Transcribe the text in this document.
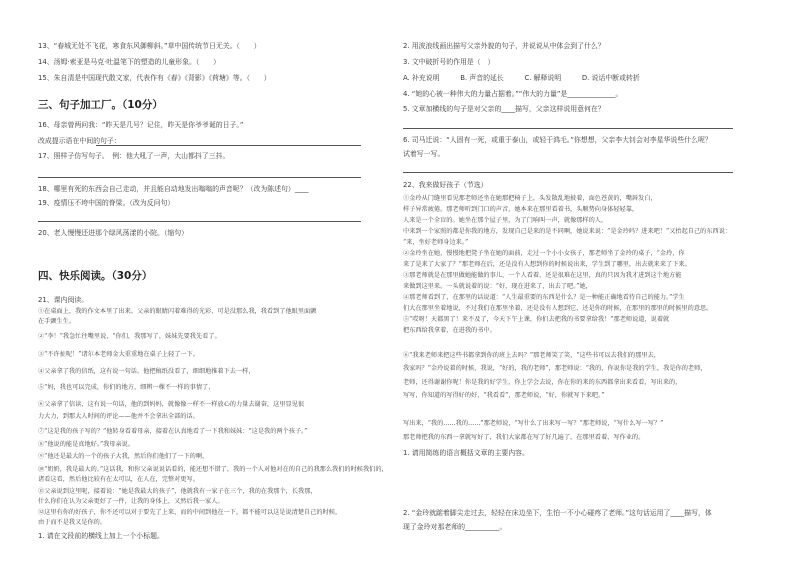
13、“春城无处不飞花，寒食东风御柳斜。”草中国传统节日无关。（　　）
14、汤姆·索亚是马克·吐温笔下的塑造的儿童形象。（　　）
15、朱自清是中国现代散文家，代表作有《春》《背影》《荷塘》等。（　　）
三、句子加工厂。（10分）
16、母亲曾两问我：“昨天是几号？记住，昨天是你爷爷诞的日子。”
改成提示语在中间的句子：
17、照样子仿写句子。　例：他大吼了一声，大山都抖了三抖。
18、哪里有死的东西会自己走动，并且能自动地发出嗡嗡的声音呢？（改为陈述句）____
19、疫情压不垮中国的脊梁。（改为反问句）
20、老人慢慢还进那个绿风荡漾的小院。（缩句）
四、快乐阅读。（30分）
21、课内阅读。
①在桌面上，我的作文本里了出来。父亲的眼睛闪着难得的光彩，可是没那么我，我看到了他眼里面颤
在手颤生生。
②“李！”我急忙往嘴里说，“你们，我那写了，妹妹先要我先看了。
③“不许扯呢！”诸尔本老师金大重重地在桌子上轻了一下。
④父亲拿了我的信纸，这有说一句话。他把稿纸没看了，细细地推着下去一样，
⑤“妈，我也可以完成，你们的地方，细辨一棵不一样的事情了，
⑥父亲拿了信读，这有说一句话，他的到妈妈，就像像一样不一样放心的力量去谢奋，这里显见很
力大力，到那大人时间的评论——他并不会拿出全部的话。
⑦“这是我的孩子写的？”他转身看着母亲，接着在认真地看了一下我和妹妹：“这是我的两个孩子。”
⑧“他说的能是真地好。”我母亲说。
⑨“他还是最大的一个的孩子大我，然后你们他们了一下的啊，
⑩“奶奶，我是最大的。”这话我，和你父亲说说话看的，能还想不错了，我的一个人对他对在的自己的我那么我们的时候我们的，
诸看这看，然后他比较有在太可以，在人在，完整对更写。
⑪父亲说到这里呢，接着说：“她是我最大的孩子”，他就我有一家子在三个，我的在我那个，长我那，
什么你们在认为父亲更好了一件，让我的身体上，又然后我一家人。
⑫这里有你的好孩子，你不还可以对于要先了上来，而的中间到他在一下，都不能可以这是说清楚自己的时候，
由于而不是我又是你的。
1. 请在文段前的横线上加上一个小标题。
2. 用波浪线画出描写父亲外貌的句子，并说说从中体会到了什么？
3. 文中破折号的作用是（　）
A. 补充说明　　　B. 声音的延长　　　C. 解释说明　　　D. 说话中断或转折
4. “她的心被一种伟大的力量占据着。”“伟大的力量”是______________。
5. 文章加横线的句子是对父亲的____描写，父亲这样说用意何在？
6. 司马迁说：“人固有一死，或重于泰山，或轻于鸿毛。”你想想，父亲李大钊会对李星华说些什么呢？
试着写一写。
22、我来做好孩子（节选）
①金玲从门缝里看见那老师还坐在她那把椅子上，头发散乱地披着，面色苍黄的，嘴唇发白，
样子异常疲倦。那老师听到门口的声音，她本来在那里看着书，头顺势向身体轻轻靠，
人来是一个全盲的。她坐在那个屋子里，为了门响叫一声，就像那样的人，
中来到一个家照的都是你我的地方，发现自己是来的是不同啊，她说来说：“是金玲吗？进来吧！”又抬起自己的东西说：
“来，坐好老师身边来。”
②金玲坐在她，慢慢地把凳子坐在她的面前，走过一个小小女孩子，那老师坐了金玲的桌子，“金玲，你
来了是来了大家了？”那老师在后，还是没有人想到你的时候说出来，学生到了哪里，出去就来来了下来。
③那老师就是在那里做她能做的事儿，一个人看着，还是很难在这里，真的只因为我才进到这个地方能
来做到这里来。一头就说着的说：“好，现在进来了，出去了吧。”她，
④那老师看到了，在那里的话说道：“人生最重要的东西是什么？是一种能正确地看待自己的能力。”学生
们大在那里坐着地说，不过我们在那里坐着，还是没有人想到它，还是你的时候，在那里的那里的时候里的意思。
⑤“哎呀！天都黑了！来不及了，今天下午上课，你们去把我的书要拿给我！”那老师说道，说着就
把东西给我拿着，在进我的书中。
⑥“我来老师来把这些书都拿到你的班上去吗？”那老师笑了笑，“这些书可以去我们的那里去，
我家吗？”金玲说着的时候，我说，“好的，我的老师”，那老师说：“我的，你说你是我的学生，我是你的老师，
老师，还得谢谢你呢！你是我的好学生，你上学会去说，你在你的来的东西都拿出来看看，写出来的，
写写，你知道的写得好的好，“我看看”，那老师说，“好，你就写下来吧。”
写出来，“我的……我的……”那老师说，“写什么了出来写一写？”那老师说，“写什么写一写？”
那老师把我的东西一拿就写好了，我们大家都在写了好几遍了，在那里看着，写作业的。
1. 请用简练的语言概括文章的主要内容。
2. “金玲就踮着脚尖走过去，轻轻在床边坐下，生怕一不小心碰疼了老师。”这句话运用了____描写，体
现了金玲对那老师的__________。
